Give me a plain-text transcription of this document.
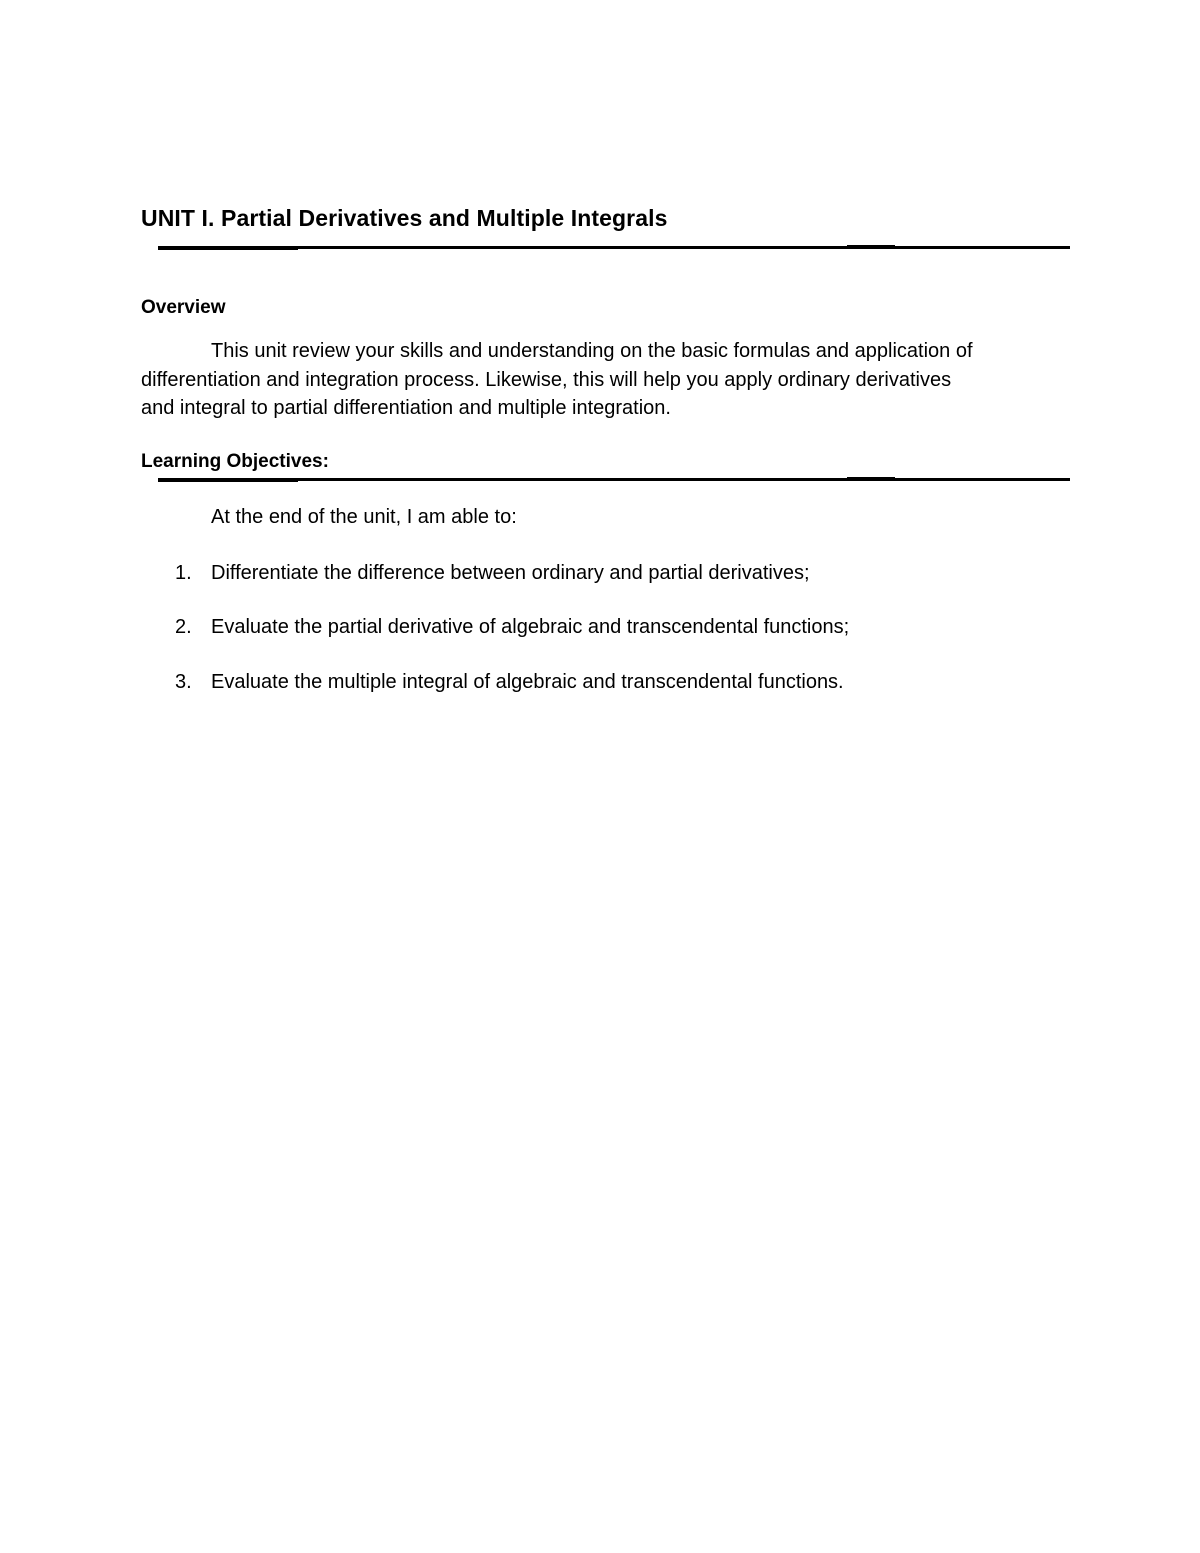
UNIT I. Partial Derivatives and Multiple Integrals
Overview
This unit review your skills and understanding on the basic formulas and application of
differentiation and integration process. Likewise, this will help you apply ordinary derivatives
and integral to partial differentiation and multiple integration.
Learning Objectives:
At the end of the unit, I am able to:
1. Differentiate the difference between ordinary and partial derivatives;
2. Evaluate the partial derivative of algebraic and transcendental functions;
3. Evaluate the multiple integral of algebraic and transcendental functions.
